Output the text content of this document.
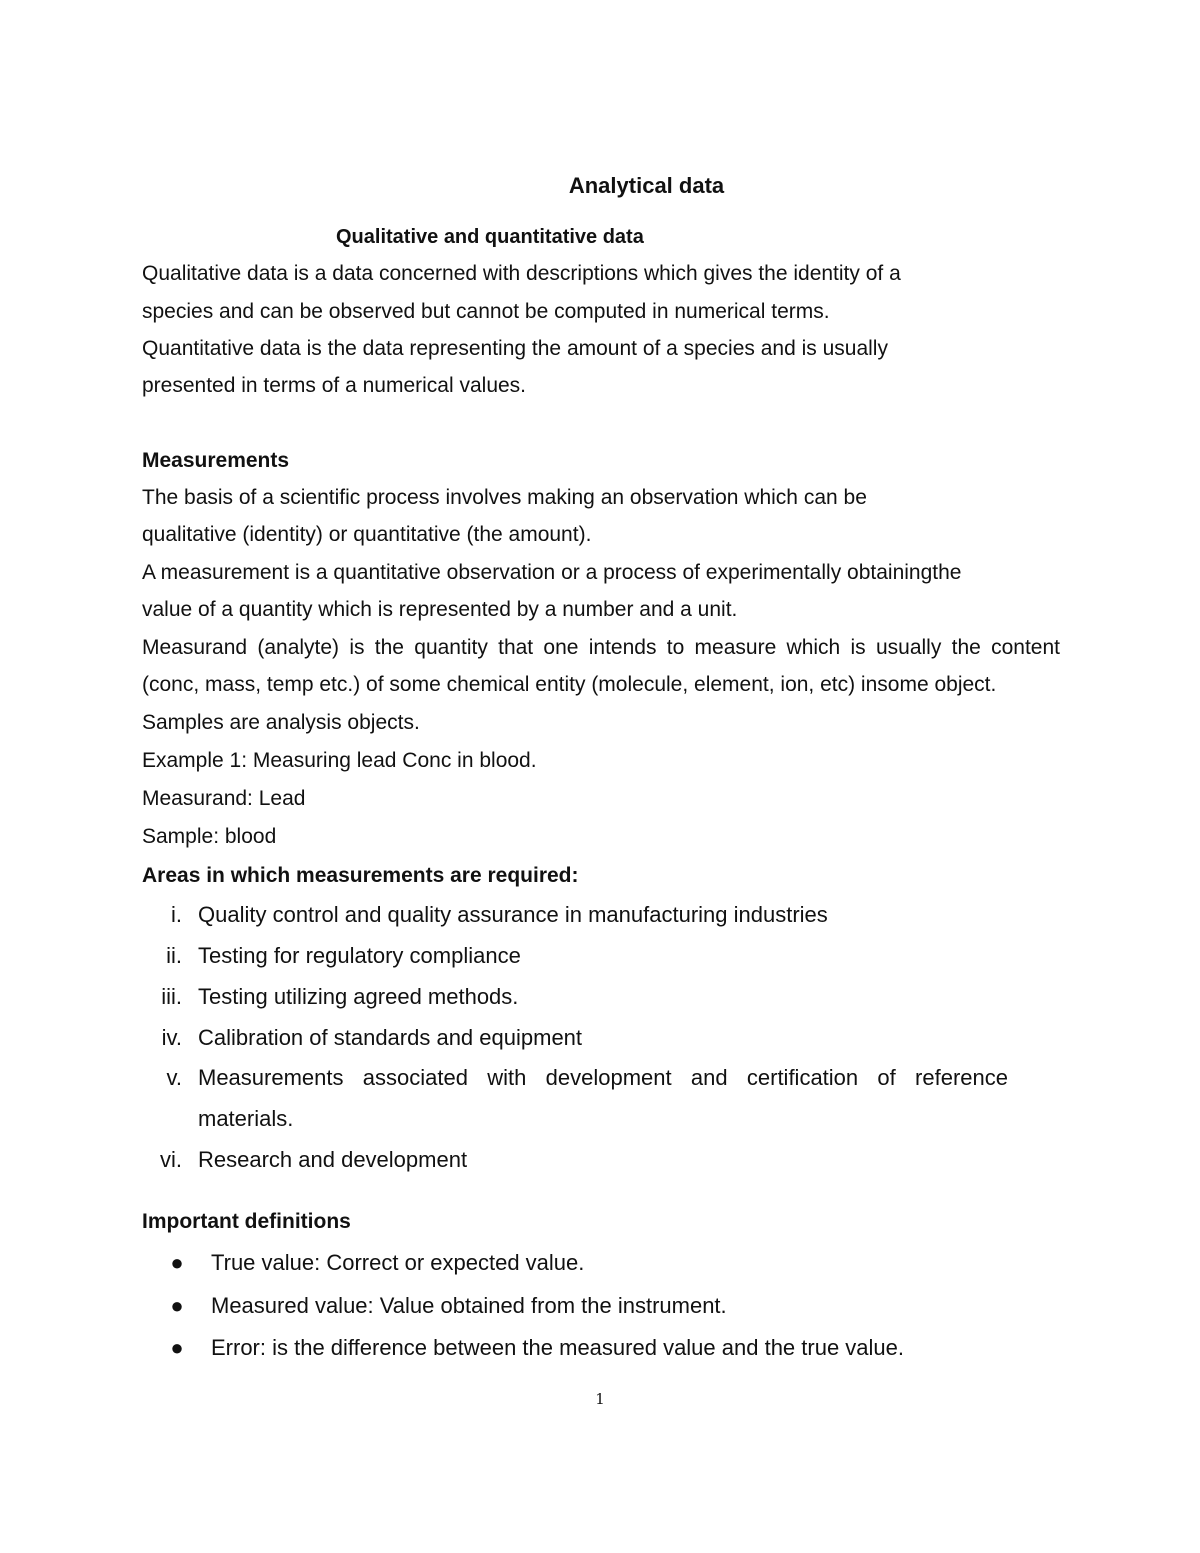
Analytical data
Qualitative and quantitative data
Qualitative data is a data concerned with descriptions which gives the identity of a
species and can be observed but cannot be computed in numerical terms.
Quantitative data is the data representing the amount of a species and is usually
presented in terms of a numerical values.
Measurements
The basis of a scientific process involves making an observation which can be
qualitative (identity) or quantitative (the amount).
A measurement is a quantitative observation or a process of experimentally obtainingthe
value of a quantity which is represented by a number and a unit.
Measurand (analyte) is the quantity that one intends to measure which is usually the content
(conc, mass, temp etc.) of some chemical entity (molecule, element, ion, etc) insome object.
Samples are analysis objects.
Example 1: Measuring lead Conc in blood.
Measurand: Lead
Sample: blood
Areas in which measurements are required:
i. Quality control and quality assurance in manufacturing industries
ii. Testing for regulatory compliance
iii. Testing utilizing agreed methods.
iv. Calibration of standards and equipment
v. Measurements associated with development and certification of reference
materials.
vi. Research and development
Important definitions
● True value: Correct or expected value.
● Measured value: Value obtained from the instrument.
● Error: is the difference between the measured value and the true value.
1
